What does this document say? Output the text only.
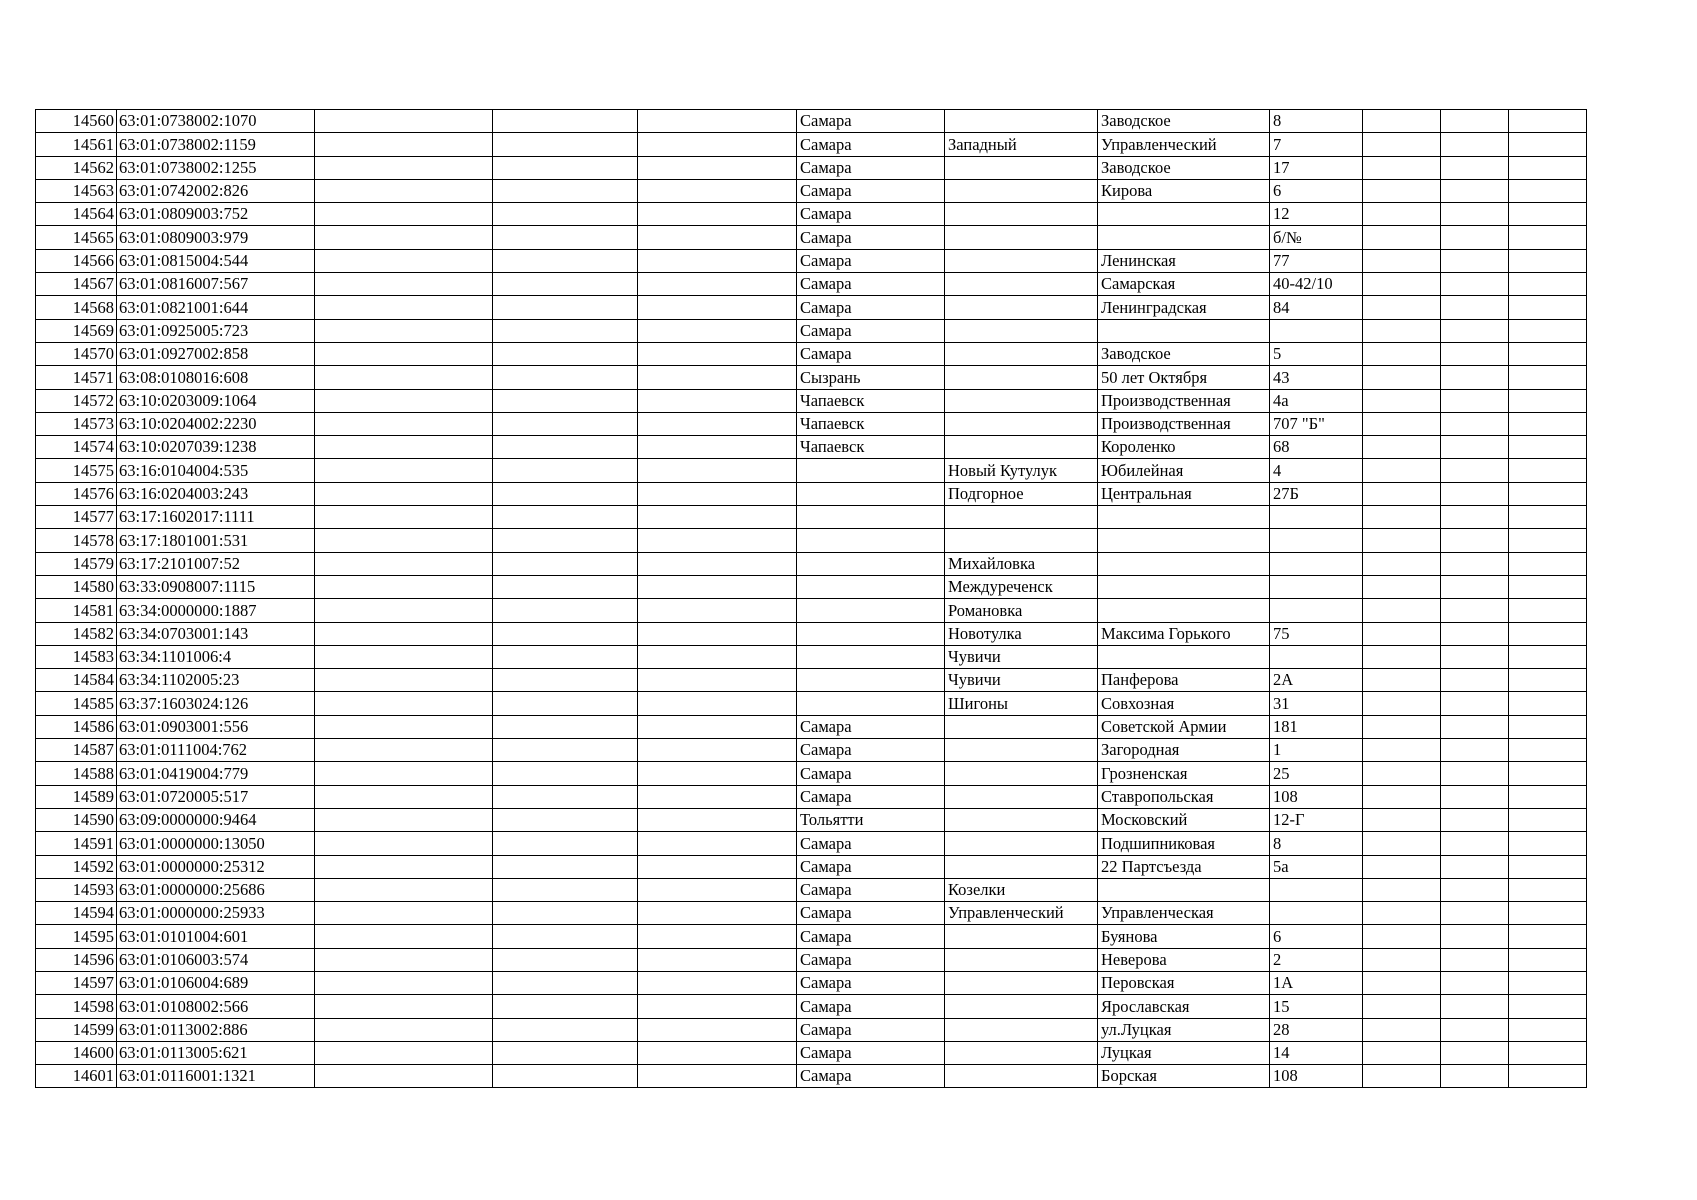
14560	63:01:0738002:1070				Самара		Заводское	8			
14561	63:01:0738002:1159				Самара	Западный	Управленческий	7			
14562	63:01:0738002:1255				Самара		Заводское	17			
14563	63:01:0742002:826				Самара		Кирова	6			
14564	63:01:0809003:752				Самара			12			
14565	63:01:0809003:979				Самара			б/№			
14566	63:01:0815004:544				Самара		Ленинская	77			
14567	63:01:0816007:567				Самара		Самарская	40-42/10			
14568	63:01:0821001:644				Самара		Ленинградская	84			
14569	63:01:0925005:723				Самара						
14570	63:01:0927002:858				Самара		Заводское	5			
14571	63:08:0108016:608				Сызрань		50 лет Октября	43			
14572	63:10:0203009:1064				Чапаевск		Производственная	4а			
14573	63:10:0204002:2230				Чапаевск		Производственная	707 "Б"			
14574	63:10:0207039:1238				Чапаевск		Короленко	68			
14575	63:16:0104004:535					Новый Кутулук	Юбилейная	4			
14576	63:16:0204003:243					Подгорное	Центральная	27Б			
14577	63:17:1602017:1111										
14578	63:17:1801001:531										
14579	63:17:2101007:52					Михайловка					
14580	63:33:0908007:1115					Междуреченск					
14581	63:34:0000000:1887					Романовка					
14582	63:34:0703001:143					Новотулка	Максима Горького	75			
14583	63:34:1101006:4					Чувичи					
14584	63:34:1102005:23					Чувичи	Панферова	2А			
14585	63:37:1603024:126					Шигоны	Совхозная	31			
14586	63:01:0903001:556				Самара		Советской Армии	181			
14587	63:01:0111004:762				Самара		Загородная	1			
14588	63:01:0419004:779				Самара		Грозненская	25			
14589	63:01:0720005:517				Самара		Ставропольская	108			
14590	63:09:0000000:9464				Тольятти		Московский	12-Г			
14591	63:01:0000000:13050				Самара		Подшипниковая	8			
14592	63:01:0000000:25312				Самара		22 Партсъезда	5а			
14593	63:01:0000000:25686				Самара	Козелки					
14594	63:01:0000000:25933				Самара	Управленческий	Управленческая				
14595	63:01:0101004:601				Самара		Буянова	6			
14596	63:01:0106003:574				Самара		Неверова	2			
14597	63:01:0106004:689				Самара		Перовская	1А			
14598	63:01:0108002:566				Самара		Ярославская	15			
14599	63:01:0113002:886				Самара		ул.Луцкая	28			
14600	63:01:0113005:621				Самара		Луцкая	14			
14601	63:01:0116001:1321				Самара		Борская	108			
